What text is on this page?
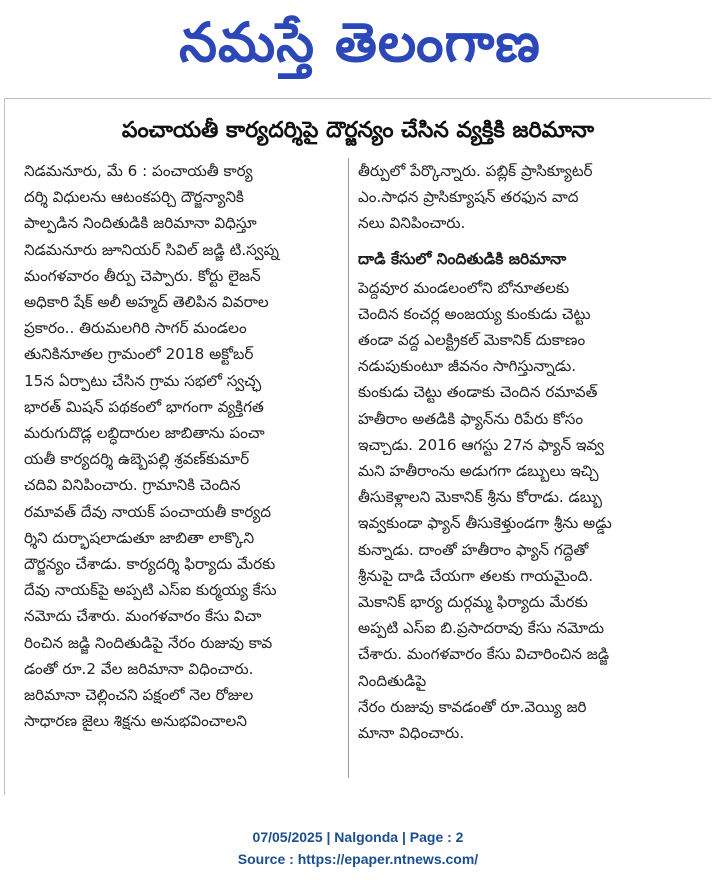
నమస్తే తెలంగాణ
పంచాయతీ కార్యదర్శిపై దౌర్జన్యం చేసిన వ్యక్తికి జరిమానా

నిడమనూరు, మే 6 : పంచాయతీ కార్య

దర్శి విధులను ఆటంకపర్చి దౌర్జన్యానికి

పాల్పడిన నిందితుడికి జరిమానా విధిస్తూ

నిడమనూరు జూనియర్ సివిల్ జడ్జి టి.స్వప్న

మంగళవారం తీర్పు చెప్పారు. కోర్టు లైజన్

అధికారి షేక్ అలీ అహ్మద్ తెలిపిన వివరాల

ప్రకారం.. తిరుమలగిరి సాగర్ మండలం

తునికినూతల గ్రామంలో 2018 అక్టోబర్

15న ఏర్పాటు చేసిన గ్రామ సభలో స్వచ్ఛ

భారత్ మిషన్ పథకంలో భాగంగా వ్యక్తిగత

మరుగుదొడ్ల లబ్ధిదారుల జాబితాను పంచా

యతీ కార్యదర్శి ఉబ్బెపల్లి శ్రవణ్‌కుమార్

చదివి వినిపించారు. గ్రామానికి చెందిన

రమావత్ దేవు నాయక్ పంచాయతీ కార్యద

ర్శిని దుర్భాషలాడుతూ జాబితా లాక్కొని

దౌర్జన్యం చేశాడు. కార్యదర్శి ఫిర్యాదు మేరకు

దేవు నాయక్‌పై అప్పటి ఎస్ఐ కుర్మయ్య కేసు

నమోదు చేశారు. మంగళవారం కేసు విచా

రించిన జడ్జి నిందితుడిపై నేరం రుజువు కావ

డంతో రూ.2 వేల జరిమానా విధించారు.

జరిమానా చెల్లించని పక్షంలో నెల రోజుల

సాధారణ జైలు శిక్షను అనుభవించాలని

తీర్పులో పేర్కొన్నారు. పబ్లిక్ ప్రాసిక్యూటర్

ఎం.సాధన ప్రాసిక్యూషన్ తరఫున వాద

నలు వినిపించారు.

దాడి కేసులో నిందితుడికి జరిమానా

పెద్దవూర మండలంలోని బోనూతలకు

చెందిన కంచర్ల అంజయ్య కుంకుడు చెట్టు

తండా వద్ద ఎలక్ట్రికల్ మెకానిక్ దుకాణం

నడుపుకుంటూ జీవనం సాగిస్తున్నాడు.

కుంకుడు చెట్టు తండాకు చెందిన రమావత్

హతీరాం అతడికి ఫ్యాన్‌ను రిపేరు కోసం

ఇచ్చాడు. 2016 ఆగస్టు 27న ఫ్యాన్ ఇవ్వ

మని హతీరాంను అడుగగా డబ్బులు ఇచ్చి

తీసుకెళ్లాలని మెకానిక్ శ్రీను కోరాడు. డబ్బు

ఇవ్వకుండా ఫ్యాన్ తీసుకెళ్తుండగా శ్రీను అడ్డు

కున్నాడు. దాంతో హతీరాం ఫ్యాన్ గద్దెతో

శ్రీనుపై దాడి చేయగా తలకు గాయమైంది.

మెకానిక్ భార్య దుర్గమ్మ ఫిర్యాదు మేరకు

అప్పటి ఎస్ఐ బి.ప్రసాదరావు కేసు నమోదు

చేశారు. మంగళవారం కేసు విచారించిన జడ్జి

నిందితుడిపై

నేరం రుజువు కావడంతో రూ.వెయ్యి జరి

మానా విధించారు.

07/05/2025 | Nalgonda | Page : 2
Source : https://epaper.ntnews.com/
